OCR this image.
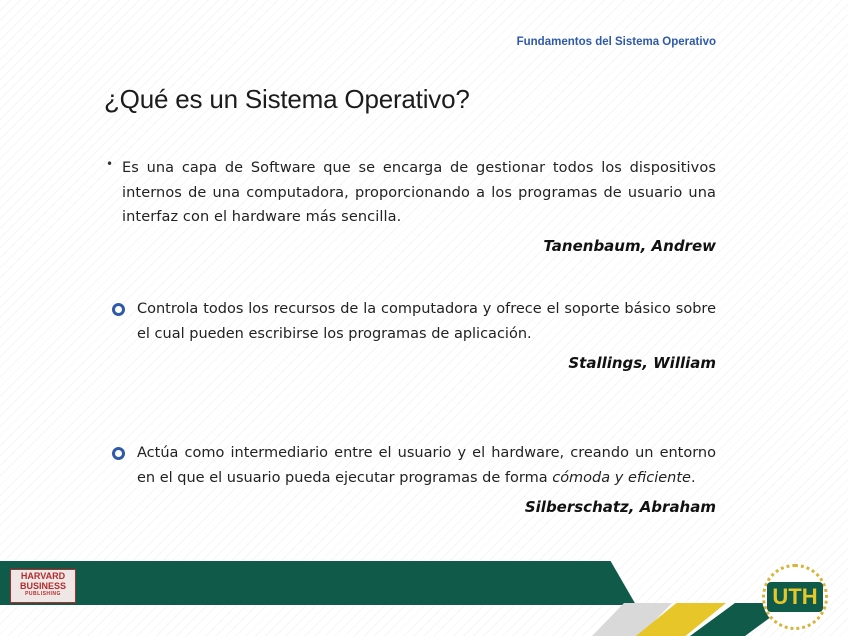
Fundamentos del Sistema Operativo
¿Qué es un Sistema Operativo?
• Es una capa de Software que se encarga de gestionar todos los dispositivos internos de una computadora, proporcionando a los programas de usuario una interfaz con el hardware más sencilla.
Tanenbaum, Andrew
Controla todos los recursos de la computadora y ofrece el soporte básico sobre el cual pueden escribirse los programas de aplicación.
Stallings, William
Actúa como intermediario entre el usuario y el hardware, creando un entorno en el que el usuario pueda ejecutar programas de forma cómoda y eficiente.
Silberschatz, Abraham
HARVARD
BUSINESS
PUBLISHING	UTH
